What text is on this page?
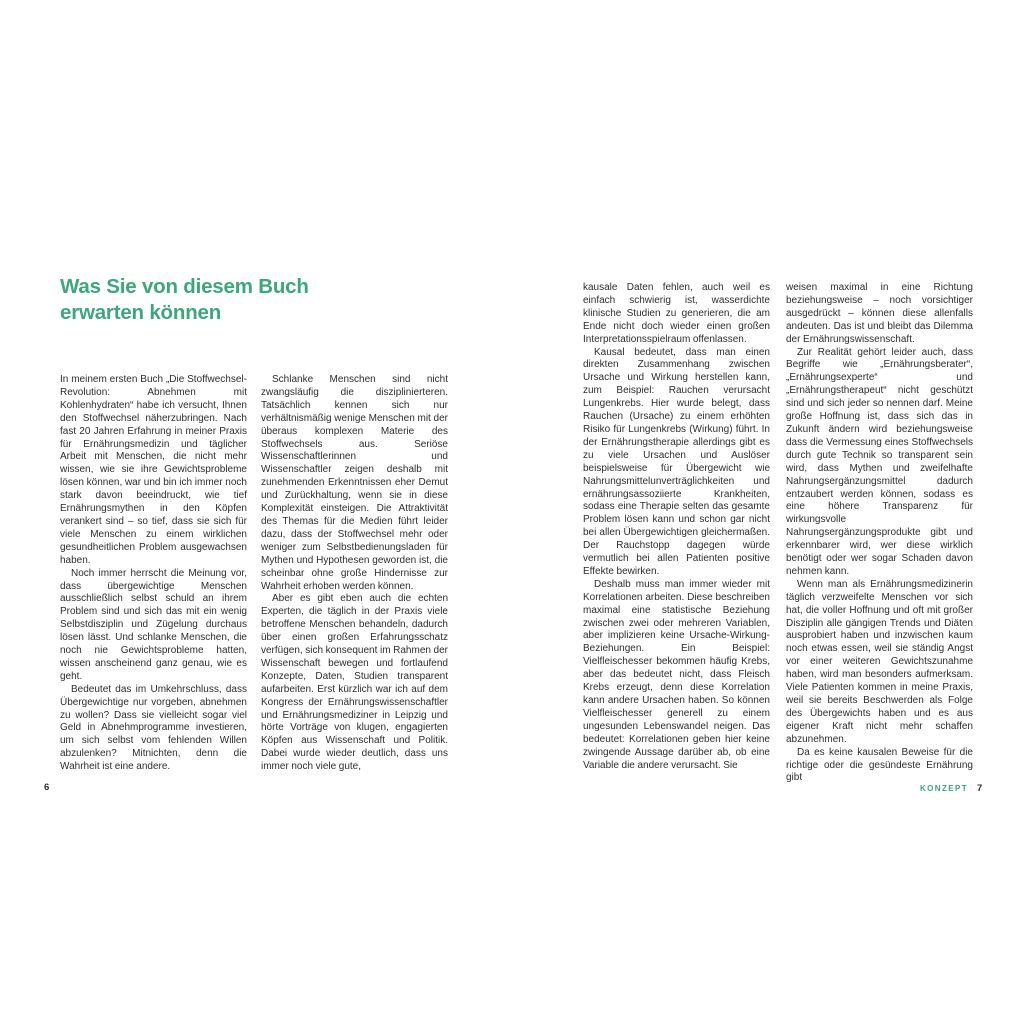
Was Sie von diesem Buch
erwarten können

In meinem ersten Buch „Die Stoffwechsel-Revolution: Abnehmen mit Kohlenhydraten“ habe ich versucht, Ihnen den Stoffwechsel näherzubringen. Nach fast 20 Jahren Erfahrung in meiner Praxis für Ernährungsmedizin und täglicher Arbeit mit Menschen, die nicht mehr wissen, wie sie ihre Gewichtsprobleme lösen können, war und bin ich immer noch stark davon beeindruckt, wie tief Ernährungsmythen in den Köpfen verankert sind – so tief, dass sie sich für viele Menschen zu einem wirklichen gesundheitlichen Problem ausgewachsen haben.

Noch immer herrscht die Meinung vor, dass übergewichtige Menschen ausschließlich selbst schuld an ihrem Problem sind und sich das mit ein wenig Selbstdisziplin und Zügelung durchaus lösen lässt. Und schlanke Menschen, die noch nie Gewichtsprobleme hatten, wissen anscheinend ganz genau, wie es geht.

Bedeutet das im Umkehrschluss, dass Übergewichtige nur vorgeben, abnehmen zu wollen? Dass sie vielleicht sogar viel Geld in Abnehmprogramme investieren, um sich selbst vom fehlenden Willen abzulenken? Mitnichten, denn die Wahrheit ist eine andere.

Schlanke Menschen sind nicht zwangsläufig die disziplinierteren. Tatsächlich kennen sich nur verhältnismäßig wenige Menschen mit der überaus komplexen Materie des Stoffwechsels aus. Seriöse Wissenschaftlerinnen und Wissenschaftler zeigen deshalb mit zunehmenden Erkenntnissen eher Demut und Zurückhaltung, wenn sie in diese Komplexität einsteigen. Die Attraktivität des Themas für die Medien führt leider dazu, dass der Stoffwechsel mehr oder weniger zum Selbstbedienungsladen für Mythen und Hypothesen geworden ist, die scheinbar ohne große Hindernisse zur Wahrheit erhoben werden können.

Aber es gibt eben auch die echten Experten, die täglich in der Praxis viele betroffene Menschen behandeln, dadurch über einen großen Erfahrungsschatz verfügen, sich konsequent im Rahmen der Wissenschaft bewegen und fortlaufend Konzepte, Daten, Studien transparent aufarbeiten. Erst kürzlich war ich auf dem Kongress der Ernährungswissenschaftler und Ernährungsmediziner in Leipzig und hörte Vorträge von klugen, engagierten Köpfen aus Wissenschaft und Politik. Dabei wurde wieder deutlich, dass uns immer noch viele gute,

6

kausale Daten fehlen, auch weil es einfach schwierig ist, wasserdichte klinische Studien zu generieren, die am Ende nicht doch wieder einen großen Interpretationsspielraum offenlassen.

Kausal bedeutet, dass man einen direkten Zusammenhang zwischen Ursache und Wirkung herstellen kann, zum Beispiel: Rauchen verursacht Lungenkrebs. Hier wurde belegt, dass Rauchen (Ursache) zu einem erhöhten Risiko für Lungenkrebs (Wirkung) führt. In der Ernährungstherapie allerdings gibt es zu viele Ursachen und Auslöser beispielsweise für Übergewicht wie Nahrungsmittelunverträglichkeiten und ernährungsassoziierte Krankheiten, sodass eine Therapie selten das gesamte Problem lösen kann und schon gar nicht bei allen Übergewichtigen gleichermaßen. Der Rauchstopp dagegen würde vermutlich bei allen Patienten positive Effekte bewirken.

Deshalb muss man immer wieder mit Korrelationen arbeiten. Diese beschreiben maximal eine statistische Beziehung zwischen zwei oder mehreren Variablen, aber implizieren keine Ursache-Wirkung-Beziehungen. Ein Beispiel: Vielfleischesser bekommen häufig Krebs, aber das bedeutet nicht, dass Fleisch Krebs erzeugt, denn diese Korrelation kann andere Ursachen haben. So können Vielfleischesser generell zu einem ungesunden Lebenswandel neigen. Das bedeutet: Korrelationen geben hier keine zwingende Aussage darüber ab, ob eine Variable die andere verursacht. Sie

weisen maximal in eine Richtung beziehungsweise – noch vorsichtiger ausgedrückt – können diese allenfalls andeuten. Das ist und bleibt das Dilemma der Ernährungswissenschaft.

Zur Realität gehört leider auch, dass Begriffe wie „Ernährungsberater“, „Ernährungsexperte“ und „Ernährungstherapeut“ nicht geschützt sind und sich jeder so nennen darf. Meine große Hoffnung ist, dass sich das in Zukunft ändern wird beziehungsweise dass die Vermessung eines Stoffwechsels durch gute Technik so transparent sein wird, dass Mythen und zweifelhafte Nahrungsergänzungsmittel dadurch entzaubert werden können, sodass es eine höhere Transparenz für wirkungsvolle Nahrungsergänzungsprodukte gibt und erkennbarer wird, wer diese wirklich benötigt oder wer sogar Schaden davon nehmen kann.

Wenn man als Ernährungsmedizinerin täglich verzweifelte Menschen vor sich hat, die voller Hoffnung und oft mit großer Disziplin alle gängigen Trends und Diäten ausprobiert haben und inzwischen kaum noch etwas essen, weil sie ständig Angst vor einer weiteren Gewichtszunahme haben, wird man besonders aufmerksam. Viele Patienten kommen in meine Praxis, weil sie bereits Beschwerden als Folge des Übergewichts haben und es aus eigener Kraft nicht mehr schaffen abzunehmen.

Da es keine kausalen Beweise für die richtige oder die gesündeste Ernährung gibt

KONZEPT 7
